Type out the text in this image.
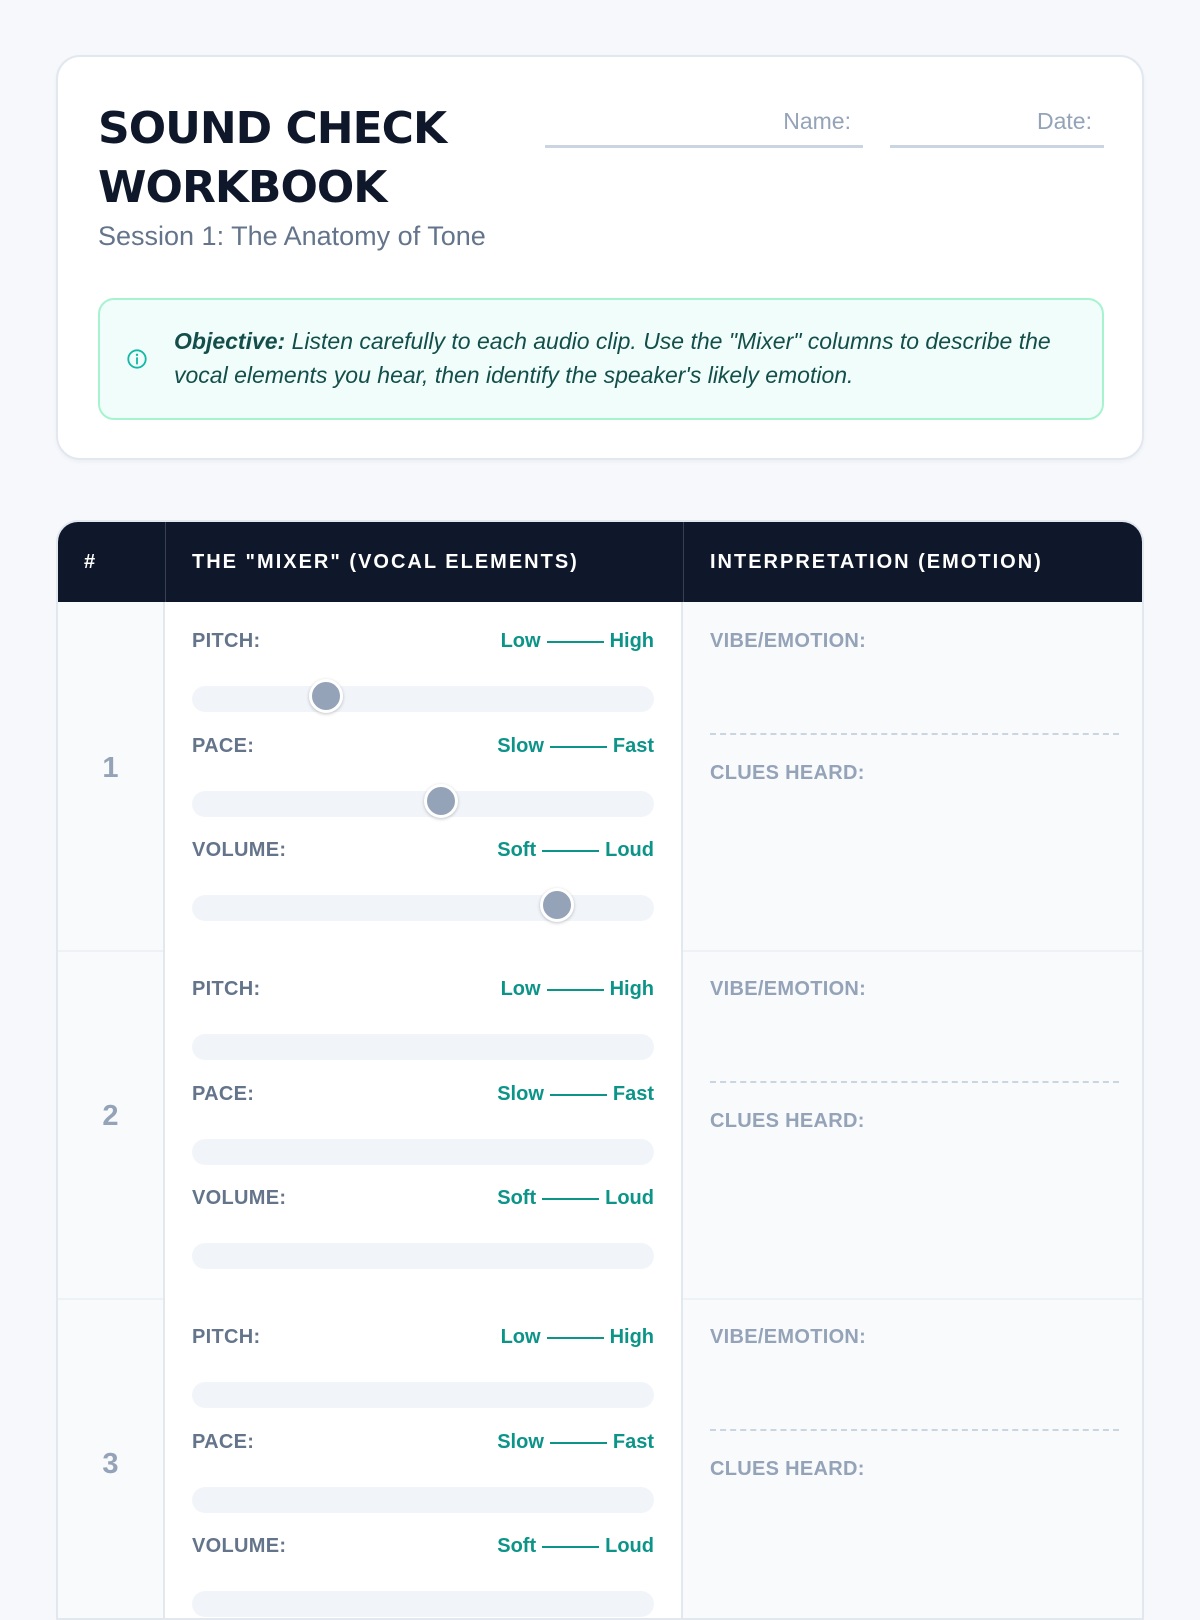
SOUND CHECK WORKBOOK

Session 1: The Anatomy of Tone

Name:	Date:
Objective: Listen carefully to each audio clip. Use the "Mixer" columns to describe the vocal elements you hear, then identify the speaker's likely emotion.
#	THE "MIXER" (VOCAL ELEMENTS)	INTERPRETATION (EMOTION)
1
PITCH:	Low	High
PACE:	Slow	Fast
VOLUME:	Soft	Loud
VIBE/EMOTION:
CLUES HEARD:
2
PITCH:	Low	High
PACE:	Slow	Fast
VOLUME:	Soft	Loud
VIBE/EMOTION:
CLUES HEARD:
3
PITCH:	Low	High
PACE:	Slow	Fast
VOLUME:	Soft	Loud
VIBE/EMOTION:
CLUES HEARD:
